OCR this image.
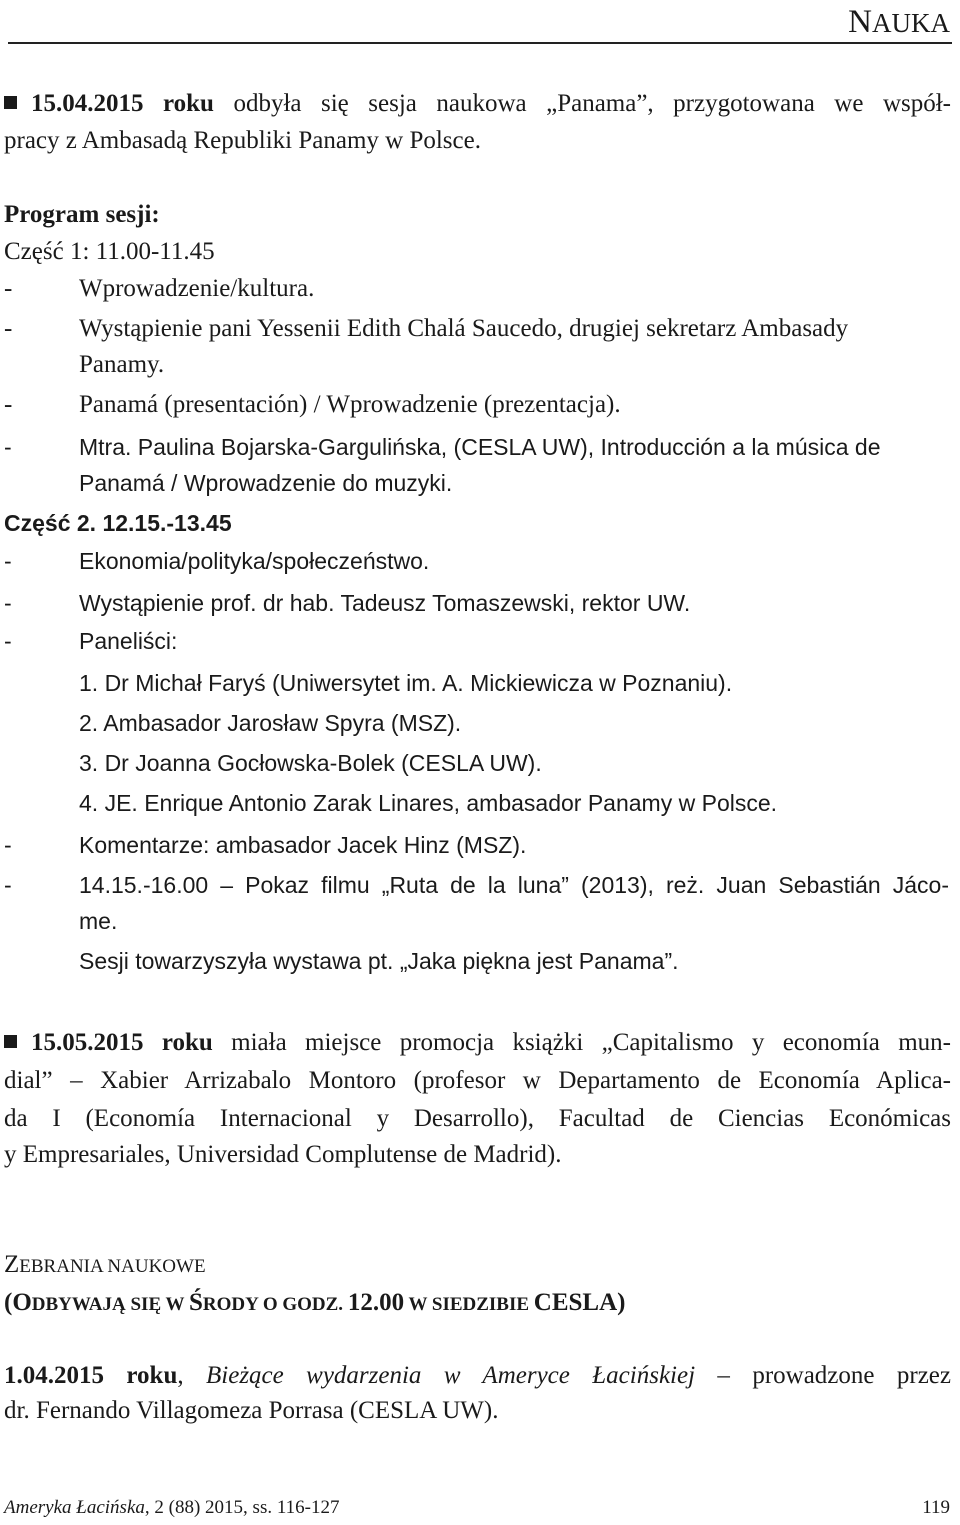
NAUKA
15.04.2015 roku odbyła się sesja naukowa „Panama”, przygotowana we współ-
pracy z Ambasadą Republiki Panamy w Polsce.
Program sesji:
Część 1: 11.00-11.45
-	Wprowadzenie/kultura.
-	Wystąpienie pani Yessenii Edith Chalá Saucedo, drugiej sekretarz Ambasady
Panamy.
-	Panamá (presentación) / Wprowadzenie (prezentacja).
-	Mtra. Paulina Bojarska-Gargulińska, (CESLA UW), Introducción a la música de
Panamá / Wprowadzenie do muzyki.
Część 2. 12.15.-13.45
-	Ekonomia/polityka/społeczeństwo.
-	Wystąpienie prof. dr hab. Tadeusz Tomaszewski, rektor UW.
-	Paneliści:
1. Dr Michał Faryś (Uniwersytet im. A. Mickiewicza w Poznaniu).
2. Ambasador Jarosław Spyra (MSZ).
3. Dr Joanna Gocłowska-Bolek (CESLA UW).
4. JE. Enrique Antonio Zarak Linares, ambasador Panamy w Polsce.
-	Komentarze: ambasador Jacek Hinz (MSZ).
-	14.15.-16.00 – Pokaz filmu „Ruta de la luna” (2013), reż. Juan Sebastián Jáco-
me.
Sesji towarzyszyła wystawa pt. „Jaka piękna jest Panama”.
15.05.2015 roku miała miejsce promocja książki „Capitalismo y economía mun-
dial” – Xabier Arrizabalo Montoro (profesor w Departamento de Economía Aplica-
da I (Economía Internacional y Desarrollo), Facultad de Ciencias Económicas
y Empresariales, Universidad Complutense de Madrid).
ZEBRANIA NAUKOWE
(ODBYWAJĄ SIĘ W ŚRODY O GODZ. 12.00 W SIEDZIBIE CESLA)
1.04.2015 roku, Bieżące wydarzenia w Ameryce Łacińskiej – prowadzone przez
dr. Fernando Villagomeza Porrasa (CESLA UW).
Ameryka Łacińska, 2 (88) 2015, ss. 116-127	119
